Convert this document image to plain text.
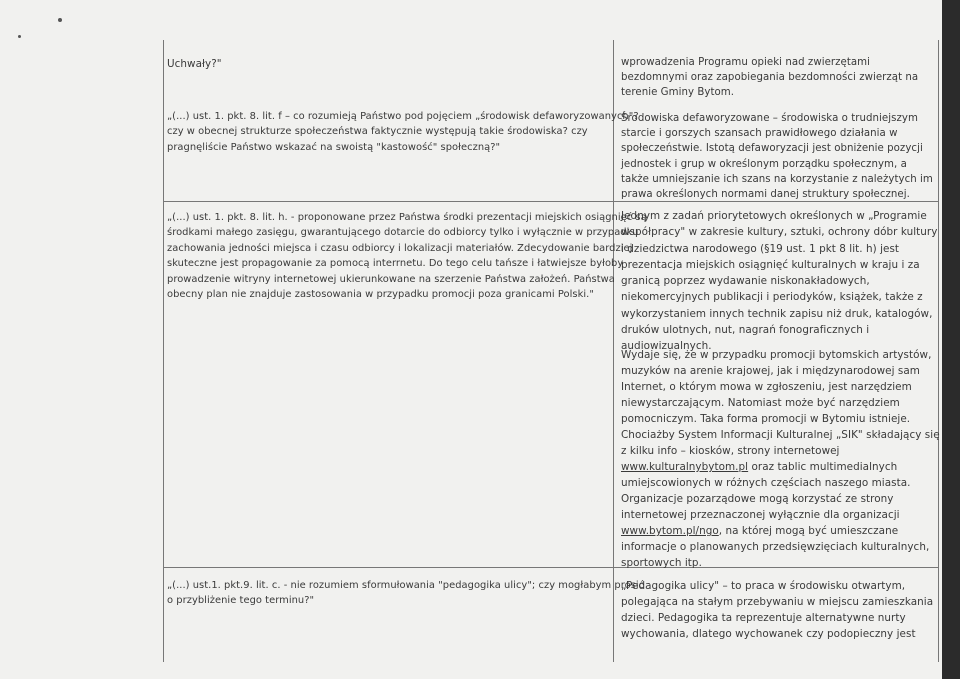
Uchwały?"
„(...) ust. 1. pkt. 8. lit. f – co rozumieją Państwo pod pojęciem „środowisk defaworyzowanych"?
czy w obecnej strukturze społeczeństwa faktycznie występują takie środowiska? czy
pragnęliście Państwo wskazać na swoistą "kastowość" społeczną?"
„(...) ust. 1. pkt. 8. lit. h. - proponowane przez Państwa środki prezentacji miejskich osiągnięć są
środkami małego zasięgu, gwarantującego dotarcie do odbiorcy tylko i wyłącznie w przypadku
zachowania jedności miejsca i czasu odbiorcy i lokalizacji materiałów. Zdecydowanie bardziej
skuteczne jest propagowanie za pomocą interrnetu. Do tego celu tańsze i łatwiejsze byłoby
prowadzenie witryny internetowej ukierunkowane na szerzenie Państwa założeń. Państwa
obecny plan nie znajduje zastosowania w przypadku promocji poza granicami Polski."
„(...) ust.1. pkt.9. lit. c. - nie rozumiem sformułowania "pedagogika ulicy"; czy mogłabym prosić
o przybliżenie tego terminu?"
wprowadzenia Programu opieki nad zwierzętami
bezdomnymi oraz zapobiegania bezdomności zwierząt na
terenie Gminy Bytom.
Środowiska defaworyzowane – środowiska o trudniejszym
starcie i gorszych szansach prawidłowego działania w
społeczeństwie. Istotą defaworyzacji jest obniżenie pozycji
jednostek i grup w określonym porządku społecznym, a
także umniejszanie ich szans na korzystanie z należytych im
prawa określonych normami danej struktury społecznej.
Jednym z zadań priorytetowych określonych w „Programie
współpracy" w zakresie kultury, sztuki, ochrony dóbr kultury
i dziedzictwa narodowego (§19 ust. 1 pkt 8 lit. h) jest
prezentacja miejskich osiągnięć kulturalnych w kraju i za
granicą poprzez wydawanie niskonakładowych,
niekomercyjnych publikacji i periodyków, książek, także z
wykorzystaniem innych technik zapisu niż druk, katalogów,
druków ulotnych, nut, nagrań fonograficznych i
audiowizualnych.
Wydaje się, że w przypadku promocji bytomskich artystów,
muzyków na arenie krajowej, jak i międzynarodowej sam
Internet, o którym mowa w zgłoszeniu, jest narzędziem
niewystarczającym. Natomiast może być narzędziem
pomocniczym. Taka forma promocji w Bytomiu istnieje.
Chociażby System Informacji Kulturalnej „SIK" składający się
z kilku info – kiosków, strony internetowej
www.kulturalnybytom.pl oraz tablic multimedialnych
umiejscowionych w różnych częściach naszego miasta.
Organizacje pozarządowe mogą korzystać ze strony
internetowej przeznaczonej wyłącznie dla organizacji
www.bytom.pl/ngo, na której mogą być umieszczane
informacje o planowanych przedsięwzięciach kulturalnych,
sportowych itp.
„Pedagogika ulicy" – to praca w środowisku otwartym,
polegająca na stałym przebywaniu w miejscu zamieszkania
dzieci. Pedagogika ta reprezentuje alternatywne nurty
wychowania, dlatego wychowanek czy podopieczny jest
